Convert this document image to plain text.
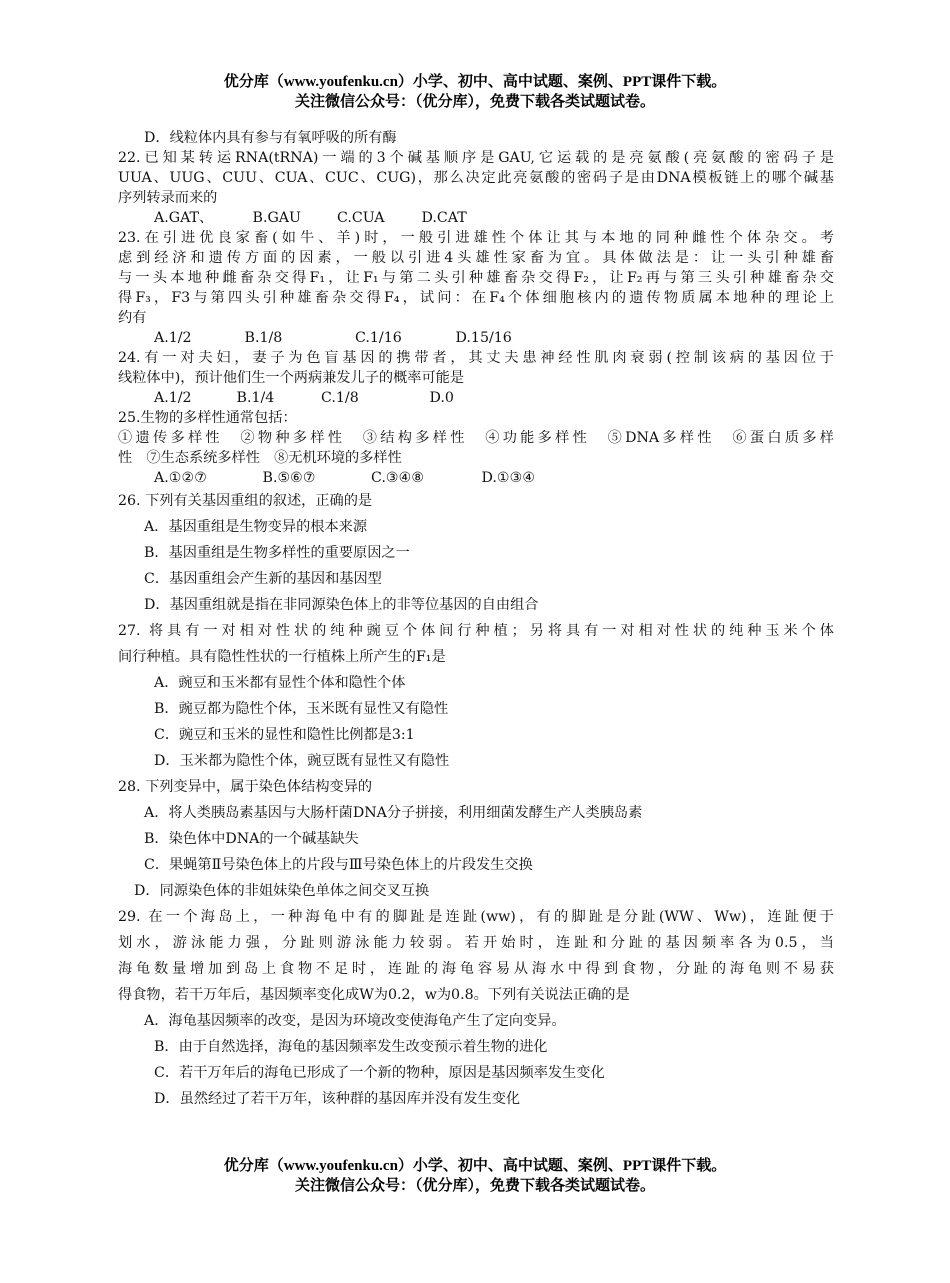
优分库（www.youfenku.cn）小学、初中、高中试题、案例、PPT课件下载。
关注微信公众号：（优分库），免费下载各类试题试卷。
D．线粒体内具有参与有氧呼吸的所有酶
22.已知某转运RNA(tRNA)一端的3个碱基顺序是GAU,它运载的是亮氨酸(亮氨酸的密码子是
UUA、UUG、CUU、CUA、CUC、CUG)，那么决定此亮氨酸的密码子是由DNA模板链上的哪个碱基
序列转录而来的
A.GAT、	B.GAU	C.CUA	D.CAT
23.在引进优良家畜(如牛、羊)时，一般引进雄性个体让其与本地的同种雌性个体杂交。考
虑到经济和遗传方面的因素，一般以引进4头雄性家畜为宜。具体做法是：让一头引种雄畜
与一头本地种雌畜杂交得F₁，让F₁与第二头引种雄畜杂交得F₂，让F₂再与第三头引种雄畜杂交
得F₃，F3与第四头引种雄畜杂交得F₄，试问：在F₄个体细胞核内的遗传物质属本地种的理论上
约有
A.1/2	B.1/8	C.1/16	D.15/16
24.有一对夫妇，妻子为色盲基因的携带者，其丈夫患神经性肌肉衰弱(控制该病的基因位于
线粒体中)，预计他们生一个两病兼发儿子的概率可能是
A.1/2	B.1/4	C.1/8	D.0
25.生物的多样性通常包括：
①遗传多样性　②物种多样性　③结构多样性　④功能多样性　⑤DNA多样性　⑥蛋白质多样
性　⑦生态系统多样性　⑧无机环境的多样性
A.①②⑦	B.⑤⑥⑦	C.③④⑧	D.①③④
26. 下列有关基因重组的叙述，正确的是
A．基因重组是生物变异的根本来源
B．基因重组是生物多样性的重要原因之一
C．基因重组会产生新的基因和基因型
D．基因重组就是指在非同源染色体上的非等位基因的自由组合
27. 将具有一对相对性状的纯种豌豆个体间行种植；另将具有一对相对性状的纯种玉米个体
间行种植。具有隐性性状的一行植株上所产生的F₁是
A．豌豆和玉米都有显性个体和隐性个体
B．豌豆都为隐性个体，玉米既有显性又有隐性
C．豌豆和玉米的显性和隐性比例都是3:1
D．玉米都为隐性个体，豌豆既有显性又有隐性
28. 下列变异中，属于染色体结构变异的
A．将人类胰岛素基因与大肠杆菌DNA分子拼接，利用细菌发酵生产人类胰岛素
B．染色体中DNA的一个碱基缺失
C．果蝇第Ⅱ号染色体上的片段与Ⅲ号染色体上的片段发生交换
D．同源染色体的非姐妹染色单体之间交叉互换
29. 在一个海岛上，一种海龟中有的脚趾是连趾(ww)，有的脚趾是分趾(WW、Ww)，连趾便于
划水，游泳能力强，分趾则游泳能力较弱。若开始时，连趾和分趾的基因频率各为0.5，当
海龟数量增加到岛上食物不足时，连趾的海龟容易从海水中得到食物，分趾的海龟则不易获
得食物，若干万年后，基因频率变化成W为0.2，w为0.8。下列有关说法正确的是
A．海龟基因频率的改变，是因为环境改变使海龟产生了定向变异。
B．由于自然选择，海龟的基因频率发生改变预示着生物的进化
C．若干万年后的海龟已形成了一个新的物种，原因是基因频率发生变化
D．虽然经过了若干万年，该种群的基因库并没有发生变化
优分库（www.youfenku.cn）小学、初中、高中试题、案例、PPT课件下载。
关注微信公众号：（优分库），免费下载各类试题试卷。
